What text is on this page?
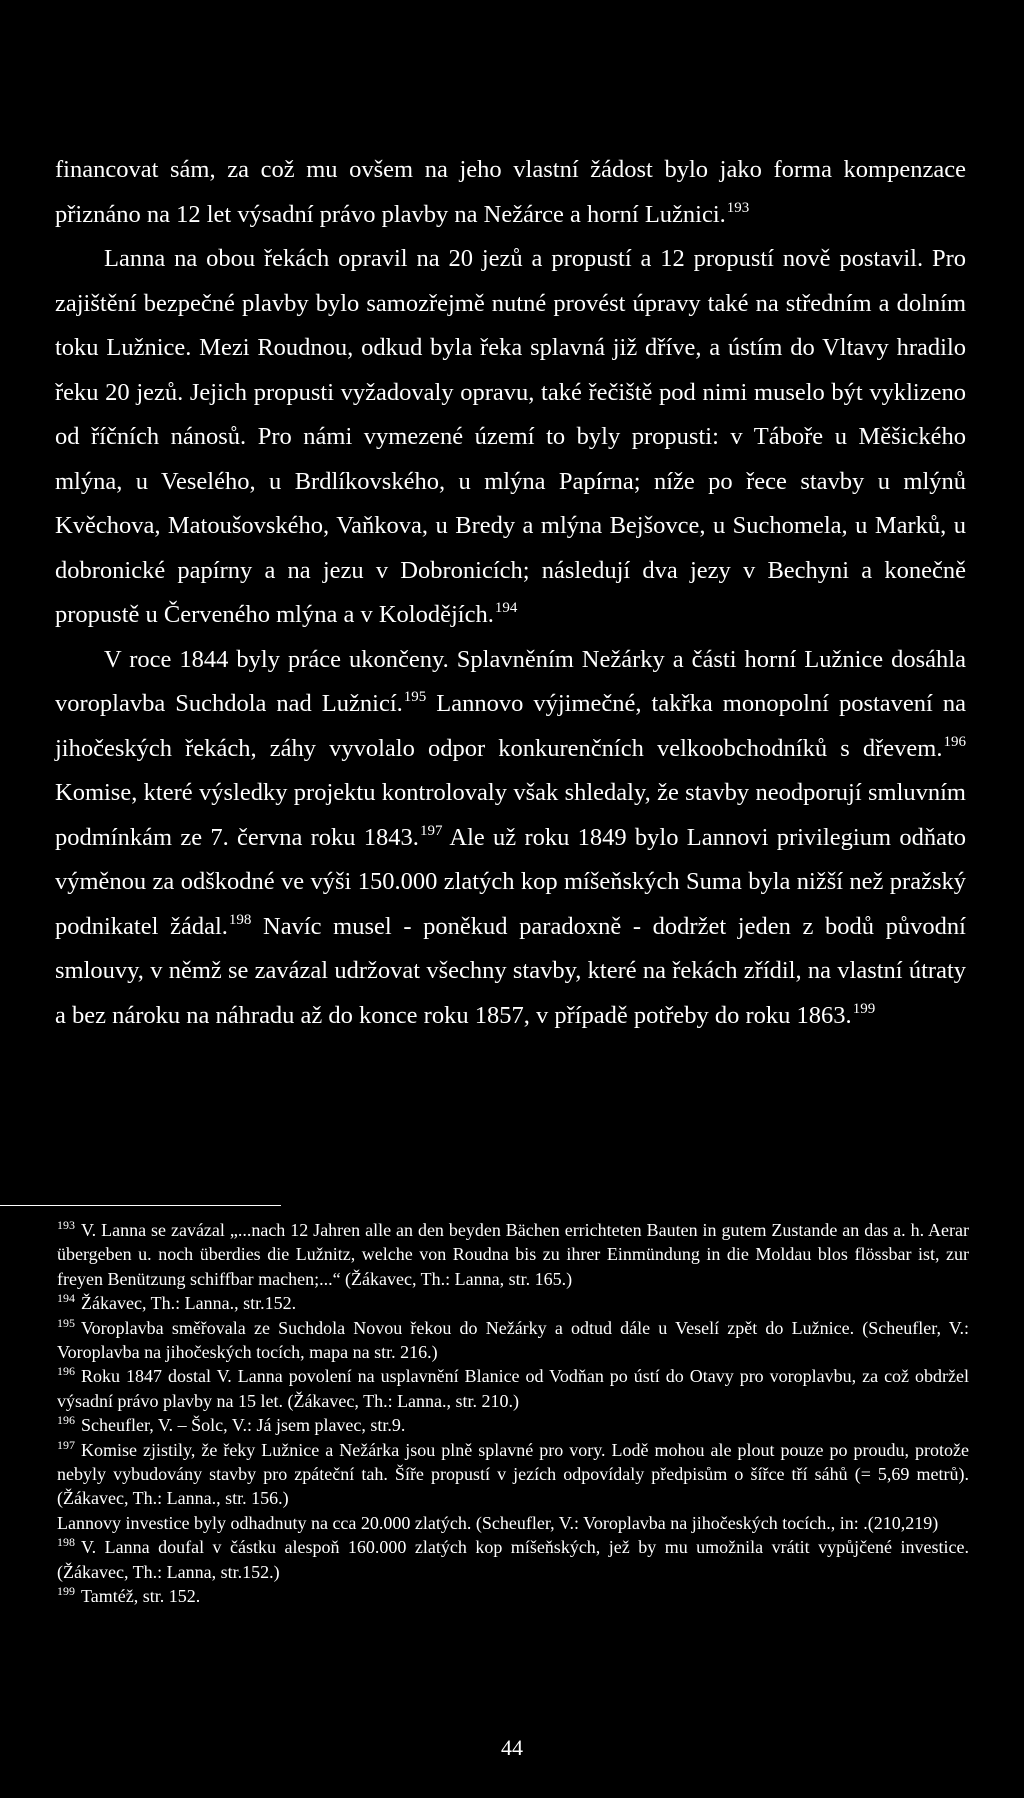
financovat sám, za což mu ovšem na jeho vlastní žádost bylo jako forma kompenzace přiznáno na 12 let výsadní právo plavby na Nežárce a horní Lužnici.$^{193}$

Lanna na obou řekách opravil na 20 jezů a propustí a 12 propustí nově postavil. Pro zajištění bezpečné plavby bylo samozřejmě nutné provést úpravy také na středním a dolním toku Lužnice. Mezi Roudnou, odkud byla řeka splavná již dříve, a ústím do Vltavy hradilo řeku 20 jezů. Jejich propusti vyžadovaly opravu, také řečiště pod nimi muselo být vyklizeno od říčních nánosů. Pro námi vymezené území to byly propusti: v Táboře u Měšického mlýna, u Veselého, u Brdlíkovského, u mlýna Papírna; níže po řece stavby u mlýnů Kvěchova, Matoušovského, Vaňkova, u Bredy a mlýna Bejšovce, u Suchomela, u Marků, u dobronické papírny a na jezu v Dobronicích; následují dva jezy v Bechyni a konečně propustě u Červeného mlýna a v Kolodějích.$^{194}$

V roce 1844 byly práce ukončeny. Splavněním Nežárky a části horní Lužnice dosáhla voroplavba Suchdola nad Lužnicí.$^{195}$ Lannovo výjimečné, takřka monopolní postavení na jihočeských řekách, záhy vyvolalo odpor konkurenčních velkoobchodníků s dřevem.$^{196}$ Komise, které výsledky projektu kontrolovaly však shledaly, že stavby neodporují smluvním podmínkám ze 7. června roku 1843.$^{197}$ Ale už roku 1849 bylo Lannovi privilegium odňato výměnou za odškodné ve výši 150.000 zlatých kop míšeňských Suma byla nižší než pražský podnikatel žádal.$^{198}$ Navíc musel - poněkud paradoxně - dodržet jeden z bodů původní smlouvy, v němž se zavázal udržovat všechny stavby, které na řekách zřídil, na vlastní útraty a bez nároku na náhradu až do konce roku 1857, v případě potřeby do roku 1863.$^{199}$

$^{193}$ V. Lanna se zavázal „...nach 12 Jahren alle an den beyden Bächen errichteten Bauten in gutem Zustande an das a. h. Aerar übergeben u. noch überdies die Lužnitz, welche von Roudna bis zu ihrer Einmündung in die Moldau blos flössbar ist, zur freyen Benützung schiffbar machen;...“ (Žákavec, Th.: Lanna, str. 165.)

$^{194}$ Žákavec, Th.: Lanna., str.152.

$^{195}$ Voroplavba směřovala ze Suchdola Novou řekou do Nežárky a odtud dále u Veselí zpět do Lužnice. (Scheufler, V.: Voroplavba na jihočeských tocích, mapa na str. 216.)

$^{196}$ Roku 1847 dostal V. Lanna povolení na usplavnění Blanice od Vodňan po ústí do Otavy pro voroplavbu, za což obdržel výsadní právo plavby na 15 let. (Žákavec, Th.: Lanna., str. 210.)

$^{196}$ Scheufler, V. – Šolc, V.: Já jsem plavec, str.9.

$^{197}$ Komise zjistily, že řeky Lužnice a Nežárka jsou plně splavné pro vory. Lodě mohou ale plout pouze po proudu, protože nebyly vybudovány stavby pro zpáteční tah. Šíře propustí v jezích odpovídaly předpisům o šířce tří sáhů (= 5,69 metrů). (Žákavec, Th.: Lanna., str. 156.)

Lannovy investice byly odhadnuty na cca 20.000 zlatých. (Scheufler, V.: Voroplavba na jihočeských tocích., in: .(210,219)

$^{198}$ V. Lanna doufal v částku alespoň 160.000 zlatých kop míšeňských, jež by mu umožnila vrátit vypůjčené investice. (Žákavec, Th.: Lanna, str.152.)

$^{199}$ Tamtéž, str. 152.

44
